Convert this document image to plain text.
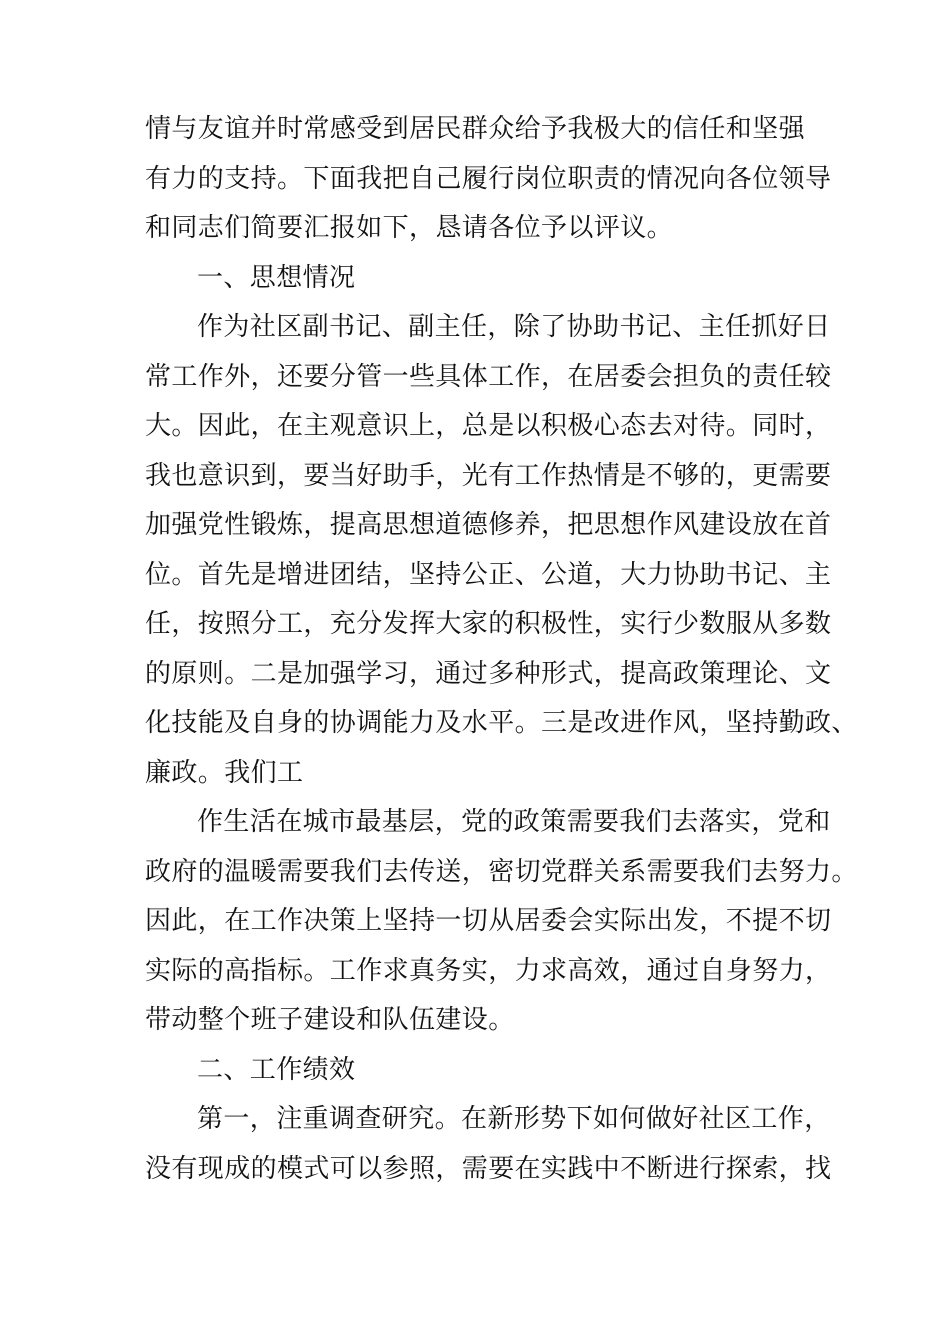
情与友谊并时常感受到居民群众给予我极大的信任和坚强
有力的支持。下面我把自己履行岗位职责的情况向各位领导
和同志们简要汇报如下，恳请各位予以评议。
一、思想情况
作为社区副书记、副主任，除了协助书记、主任抓好日
常工作外，还要分管一些具体工作，在居委会担负的责任较
大。因此，在主观意识上，总是以积极心态去对待。同时，
我也意识到，要当好助手，光有工作热情是不够的，更需要
加强党性锻炼，提高思想道德修养，把思想作风建设放在首
位。首先是增进团结，坚持公正、公道，大力协助书记、主
任，按照分工，充分发挥大家的积极性，实行少数服从多数
的原则。二是加强学习，通过多种形式，提高政策理论、文
化技能及自身的协调能力及水平。三是改进作风，坚持勤政、
廉政。我们工
作生活在城市最基层，党的政策需要我们去落实，党和
政府的温暖需要我们去传送，密切党群关系需要我们去努力。
因此，在工作决策上坚持一切从居委会实际出发，不提不切
实际的高指标。工作求真务实，力求高效，通过自身努力，
带动整个班子建设和队伍建设。
二、工作绩效
第一，注重调查研究。在新形势下如何做好社区工作，
没有现成的模式可以参照，需要在实践中不断进行探索，找
